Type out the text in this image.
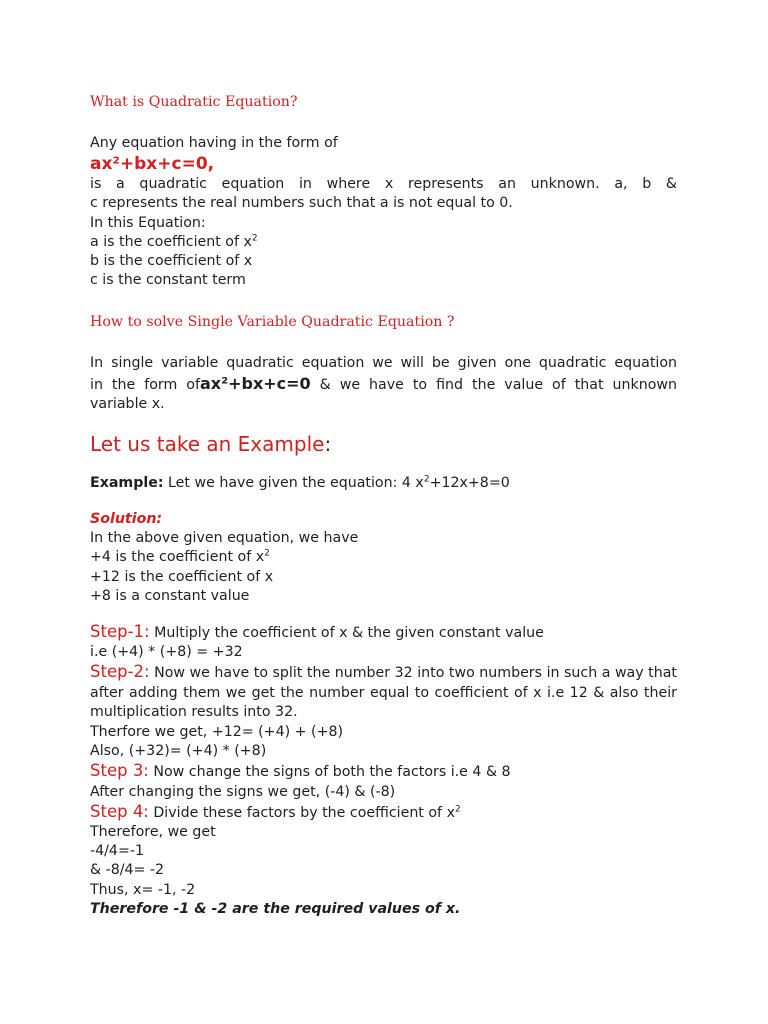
What is Quadratic Equation?
Any equation having in the form of
ax²+bx+c=0,
is a quadratic equation in where x represents an unknown. a, b &
c represents the real numbers such that a is not equal to 0.
In this Equation:
a is the coefficient of $x^2$
b is the coefficient of x
c is the constant term
How to solve Single Variable Quadratic Equation ?
In single variable quadratic equation we will be given one quadratic equation
in the form ofax²+bx+c=0 & we have to find the value of that unknown
variable x.
Let us take an Example:
Example: Let we have given the equation: 4 $x^2+12x+8=0$
Solution:
In the above given equation, we have
+4 is the coefficient of $x^2$
+12 is the coefficient of x
+8 is a constant value
Step-1: Multiply the coefficient of x & the given constant value
i.e (+4) * (+8) = +32
Step-2: Now we have to split the number 32 into two numbers in such a way that after adding them we get the number equal to coefficient of x i.e 12 & also their multiplication results into 32.
Therfore we get, +12= (+4) + (+8)
Also, (+32)= (+4) * (+8)
Step 3: Now change the signs of both the factors i.e 4 & 8
After changing the signs we get, (-4) & (-8)
Step 4: Divide these factors by the coefficient of $x^2$
Therefore, we get
-4/4=-1
& -8/4= -2
Thus, x= -1, -2
Therefore -1 & -2 are the required values of x.
